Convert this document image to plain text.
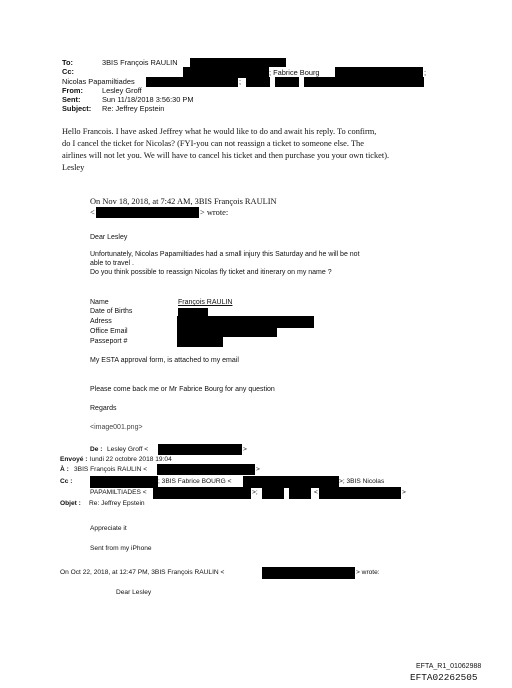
To:	3BIS François RAULIN
Cc:	; Fabrice Bourg	;
Nicolas Papamiltiades	;
From:	Lesley Groff
Sent:	Sun 11/18/2018 3:56:30 PM
Subject: Re: Jeffrey Epstein
Hello Francois. I have asked Jeffrey what he would like to do and await his reply. To confirm,
do I cancel the ticket for Nicolas? (FYI-you can not reassign a ticket to someone else. The
airlines will not let you. We will have to cancel his ticket and then purchase you your own ticket).
Lesley
On Nov 18, 2018, at 7:42 AM, 3BIS François RAULIN
<	> wrote:
Dear Lesley
Unfortunately, Nicolas Papamiltiades had a small injury this Saturday and he will be not
able to travel .
Do you think possible to reassign Nicolas fly ticket and itinerary on my name ?
Name	François RAULIN
Date of Births
Adress
Office Email
Passeport #
My ESTA approval form, is attached to my email
Please come back me or Mr Fabrice Bourg for any question
Regards
<image001.png>
De : Lesley Groff <	>
Envoyé : lundi 22 octobre 2018 19:04
À : 3BIS François RAULIN <	>
Cc :	; 3BIS Fabrice BOURG <	>; 3BIS Nicolas
PAPAMILTIADES <	>;	<	>
Objet : Re: Jeffrey Epstein
Appreciate it
Sent from my iPhone
On Oct 22, 2018, at 12:47 PM, 3BIS François RAULIN <	> wrote:
Dear Lesley
EFTA_R1_01062988
EFTA02262505
